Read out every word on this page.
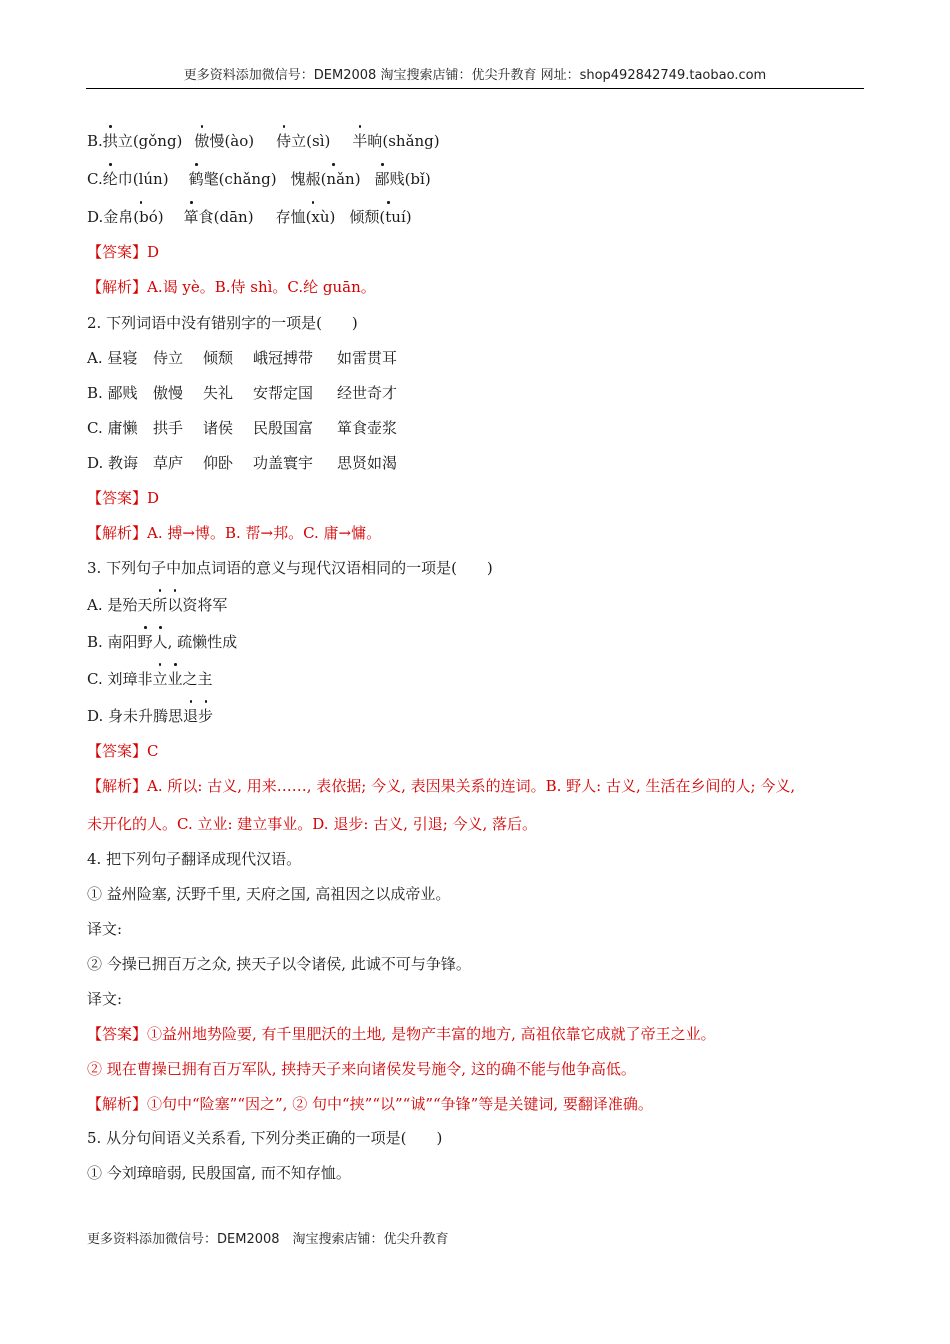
更多资料添加微信号：DEM2008 淘宝搜索店铺：优尖升教育 网址：shop492842749.taobao.com
B.拱立(gǒng) 傲慢(ào) 侍立(sì) 半晌(shǎng)
C.纶巾(lún) 鹤氅(chǎng) 愧赧(nǎn) 鄙贱(bǐ)
D.金帛(bó) 箪食(dān) 存恤(xù) 倾颓(tuí)
【答案】D
【解析】A.谒 yè。B.侍 shì。C.纶 guān。
2. 下列词语中没有错别字的一项是(　　)
A. 昼寝 侍立 倾颓 峨冠搏带 如雷贯耳
B. 鄙贱 傲慢 失礼 安帮定国 经世奇才
C. 庸懒 拱手 诸侯 民殷国富 箪食壶浆
D. 教诲 草庐 仰卧 功盖寰宇 思贤如渴
【答案】D
【解析】A. 搏→博。B. 帮→邦。C. 庸→慵。
3. 下列句子中加点词语的意义与现代汉语相同的一项是(　　)
A. 是殆天所以资将军
B. 南阳野人, 疏懒性成
C. 刘璋非立业之主
D. 身未升腾思退步
【答案】C
【解析】A. 所以: 古义, 用来……, 表依据; 今义, 表因果关系的连词。B. 野人: 古义, 生活在乡间的人; 今义,
未开化的人。C. 立业: 建立事业。D. 退步: 古义, 引退; 今义, 落后。
4. 把下列句子翻译成现代汉语。
① 益州险塞, 沃野千里, 天府之国, 高祖因之以成帝业。
译文:
② 今操已拥百万之众, 挟天子以令诸侯, 此诚不可与争锋。
译文:
【答案】①益州地势险要, 有千里肥沃的土地, 是物产丰富的地方, 高祖依靠它成就了帝王之业。
② 现在曹操已拥有百万军队, 挟持天子来向诸侯发号施令, 这的确不能与他争高低。
【解析】①句中“险塞”“因之”, ② 句中“挟”“以”“诚”“争锋”等是关键词, 要翻译准确。
5. 从分句间语义关系看, 下列分类正确的一项是(　　)
① 今刘璋暗弱, 民殷国富, 而不知存恤。
更多资料添加微信号：DEM2008　淘宝搜索店铺：优尖升教育
